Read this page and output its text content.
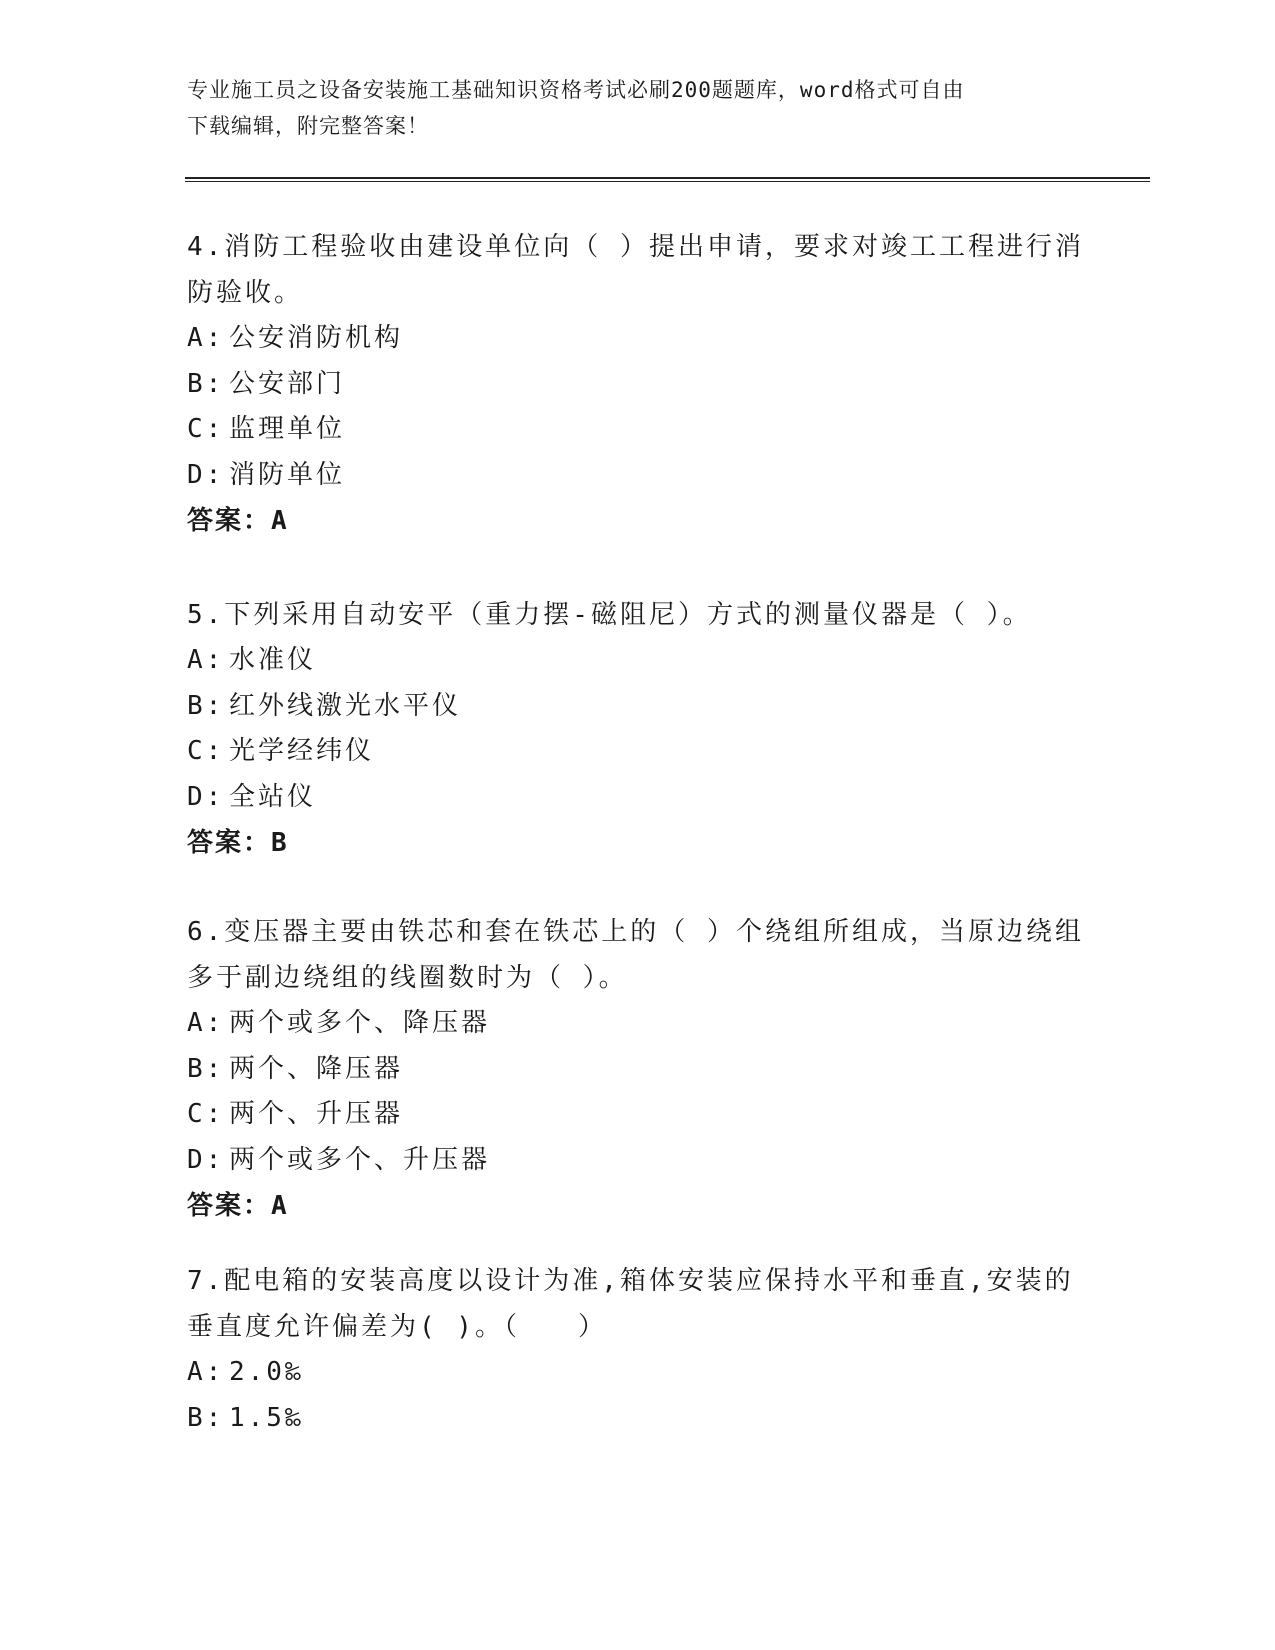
专业施工员之设备安装施工基础知识资格考试必刷200题题库，word格式可自由
下载编辑，附完整答案！

4.消防工程验收由建设单位向（ ）提出申请，要求对竣工工程进行消

防验收。

A: 公安消防机构

B: 公安部门

C: 监理单位

D: 消防单位

答案：A

5.下列采用自动安平（重力摆-磁阻尼）方式的测量仪器是（ ）。

A: 水准仪

B: 红外线激光水平仪

C: 光学经纬仪

D: 全站仪

答案：B

6.变压器主要由铁芯和套在铁芯上的（ ）个绕组所组成，当原边绕组

多于副边绕组的线圈数时为（ ）。

A: 两个或多个、降压器

B: 两个、降压器

C: 两个、升压器

D: 两个或多个、升压器

答案：A

7.配电箱的安装高度以设计为准,箱体安装应保持水平和垂直,安装的

垂直度允许偏差为( )。（　　）

A: 2.0‰

B: 1.5‰
